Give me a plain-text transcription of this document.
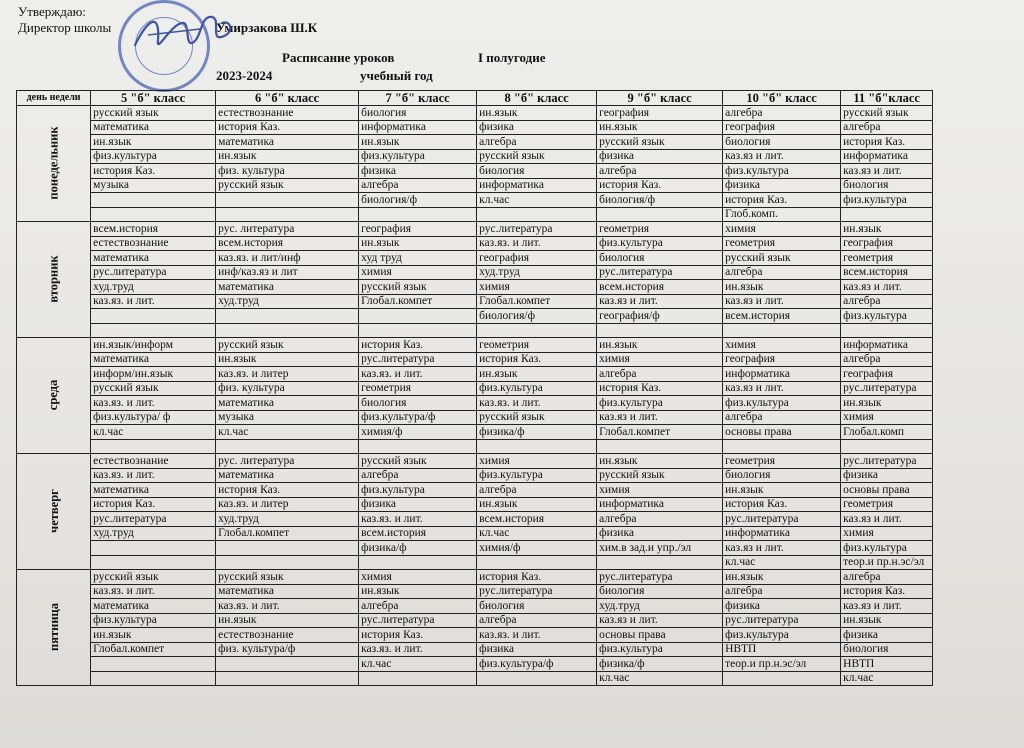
Утверждаю:
Директор школы	Умирзакова Ш.К
Расписание уроков	I полугодие
2023-2024	учебный год
день недели	5 "б" класс	6 "б" класс	7 "б" класс	8 "б" класс	9 "б" класс	10 "б" класс	11 "б"класс
понедельник	русский язык	естествознание	биология	ин.язык	география	алгебра	русский язык
	математика	история Каз.	информатика	физика	ин.язык	география	алгебра
	ин.язык	математика	ин.язык	алгебра	русский язык	биология	история Каз.
	физ.культура	ин.язык	физ.культура	русский язык	физика	каз.яз и лит.	информатика
	история Каз.	физ. культура	физика	биология	алгебра	физ.культура	каз.яз и лит.
	музыка	русский язык	алгебра	информатика	история Каз.	физика	биология
			биология/ф	кл.час	биология/ф	история Каз.	физ.культура
						Глоб.комп.	
вторник	всем.история	рус. литература	география	рус.литература	геометрия	химия	ин.язык
	естествознание	всем.история	ин.язык	каз.яз. и лит.	физ.культура	геометрия	география
	математика	каз.яз. и лит/инф	худ труд	география	биология	русский язык	геометрия
	рус.литература	инф/каз.яз и лит	химия	худ.труд	рус.литература	алгебра	всем.история
	худ.труд	математика	русский язык	химия	всем.история	ин.язык	каз.яз и лит.
	каз.яз. и лит.	худ.труд	Глобал.компет	Глобал.компет	каз.яз и лит.	каз.яз и лит.	алгебра
				биология/ф	география/ф	всем.история	физ.культура

среда	ин.язык/информ	русский язык	история Каз.	геометрия	ин.язык	химия	информатика
	математика	ин.язык	рус.литература	история Каз.	химия	география	алгебра
	информ/ин.язык	каз.яз. и литер	каз.яз. и лит.	ин.язык	алгебра	информатика	география
	русский язык	физ. культура	геометрия	физ.культура	история Каз.	каз.яз и лит.	рус.литература
	каз.яз. и лит.	математика	биология	каз.яз. и лит.	физ.культура	физ.культура	ин.язык
	физ.культура/ ф	музыка	физ.культура/ф	русский язык	каз.яз и лит.	алгебра	химия
	кл.час	кл.час	химия/ф	физика/ф	Глобал.компет	основы права	Глобал.комп

четверг	естествознание	рус. литература	русский язык	химия	ин.язык	геометрия	рус.литература
	каз.яз. и лит.	математика	алгебра	физ.культура	русский язык	биология	физика
	математика	история Каз.	физ.культура	алгебра	химия	ин.язык	основы права
	история Каз.	каз.яз. и литер	физика	ин.язык	информатика	история Каз.	геометрия
	рус.литература	худ.труд	каз.яз. и лит.	всем.история	алгебра	рус.литература	каз.яз и лит.
	худ.труд	Глобал.компет	всем.история	кл.час	физика	информатика	химия
			физика/ф	химия/ф	хим.в зад.и упр./эл	каз.яз и лит.	физ.культура
						кл.час	теор.и пр.н.эс/эл
пятница	русский язык	русский язык	химия	история Каз.	рус.литература	ин.язык	алгебра
	каз.яз. и лит.	математика	ин.язык	рус.литература	биология	алгебра	история Каз.
	математика	каз.яз. и лит.	алгебра	биология	худ.труд	физика	каз.яз и лит.
	физ.культура	ин.язык	рус.литература	алгебра	каз.яз и лит.	рус.литература	ин.язык
	ин.язык	естествознание	история Каз.	каз.яз. и лит.	основы права	физ.культура	физика
	Глобал.компет	физ. культура/ф	каз.яз. и лит.	физика	физ.культура	НВТП	биология
			кл.час	физ.культура/ф	физика/ф	теор.и пр.н.эс/эл	НВТП
					кл.час		кл.час
